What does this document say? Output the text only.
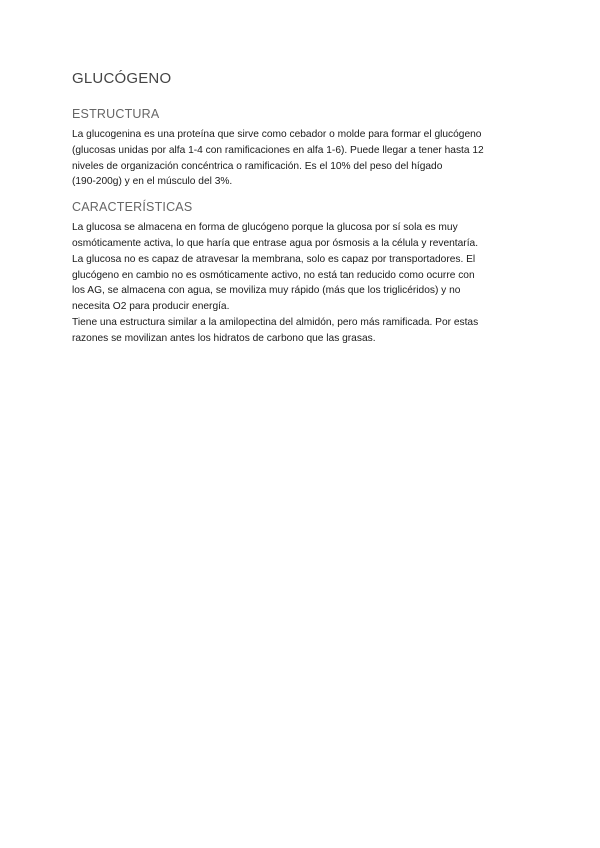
GLUCÓGENO
ESTRUCTURA

La glucogenina es una proteína que sirve como cebador o molde para formar el glucógeno
(glucosas unidas por alfa 1-4 con ramificaciones en alfa 1-6). Puede llegar a tener hasta 12
niveles de organización concéntrica o ramificación. Es el 10% del peso del hígado
(190-200g) y en el músculo del 3%.

CARACTERÍSTICAS

La glucosa se almacena en forma de glucógeno porque la glucosa por sí sola es muy
osmóticamente activa, lo que haría que entrase agua por ósmosis a la célula y reventaría.
La glucosa no es capaz de atravesar la membrana, solo es capaz por transportadores. El
glucógeno en cambio no es osmóticamente activo, no está tan reducido como ocurre con
los AG, se almacena con agua, se moviliza muy rápido (más que los triglicéridos) y no
necesita O2 para producir energía.
Tiene una estructura similar a la amilopectina del almidón, pero más ramificada. Por estas
razones se movilizan antes los hidratos de carbono que las grasas.
